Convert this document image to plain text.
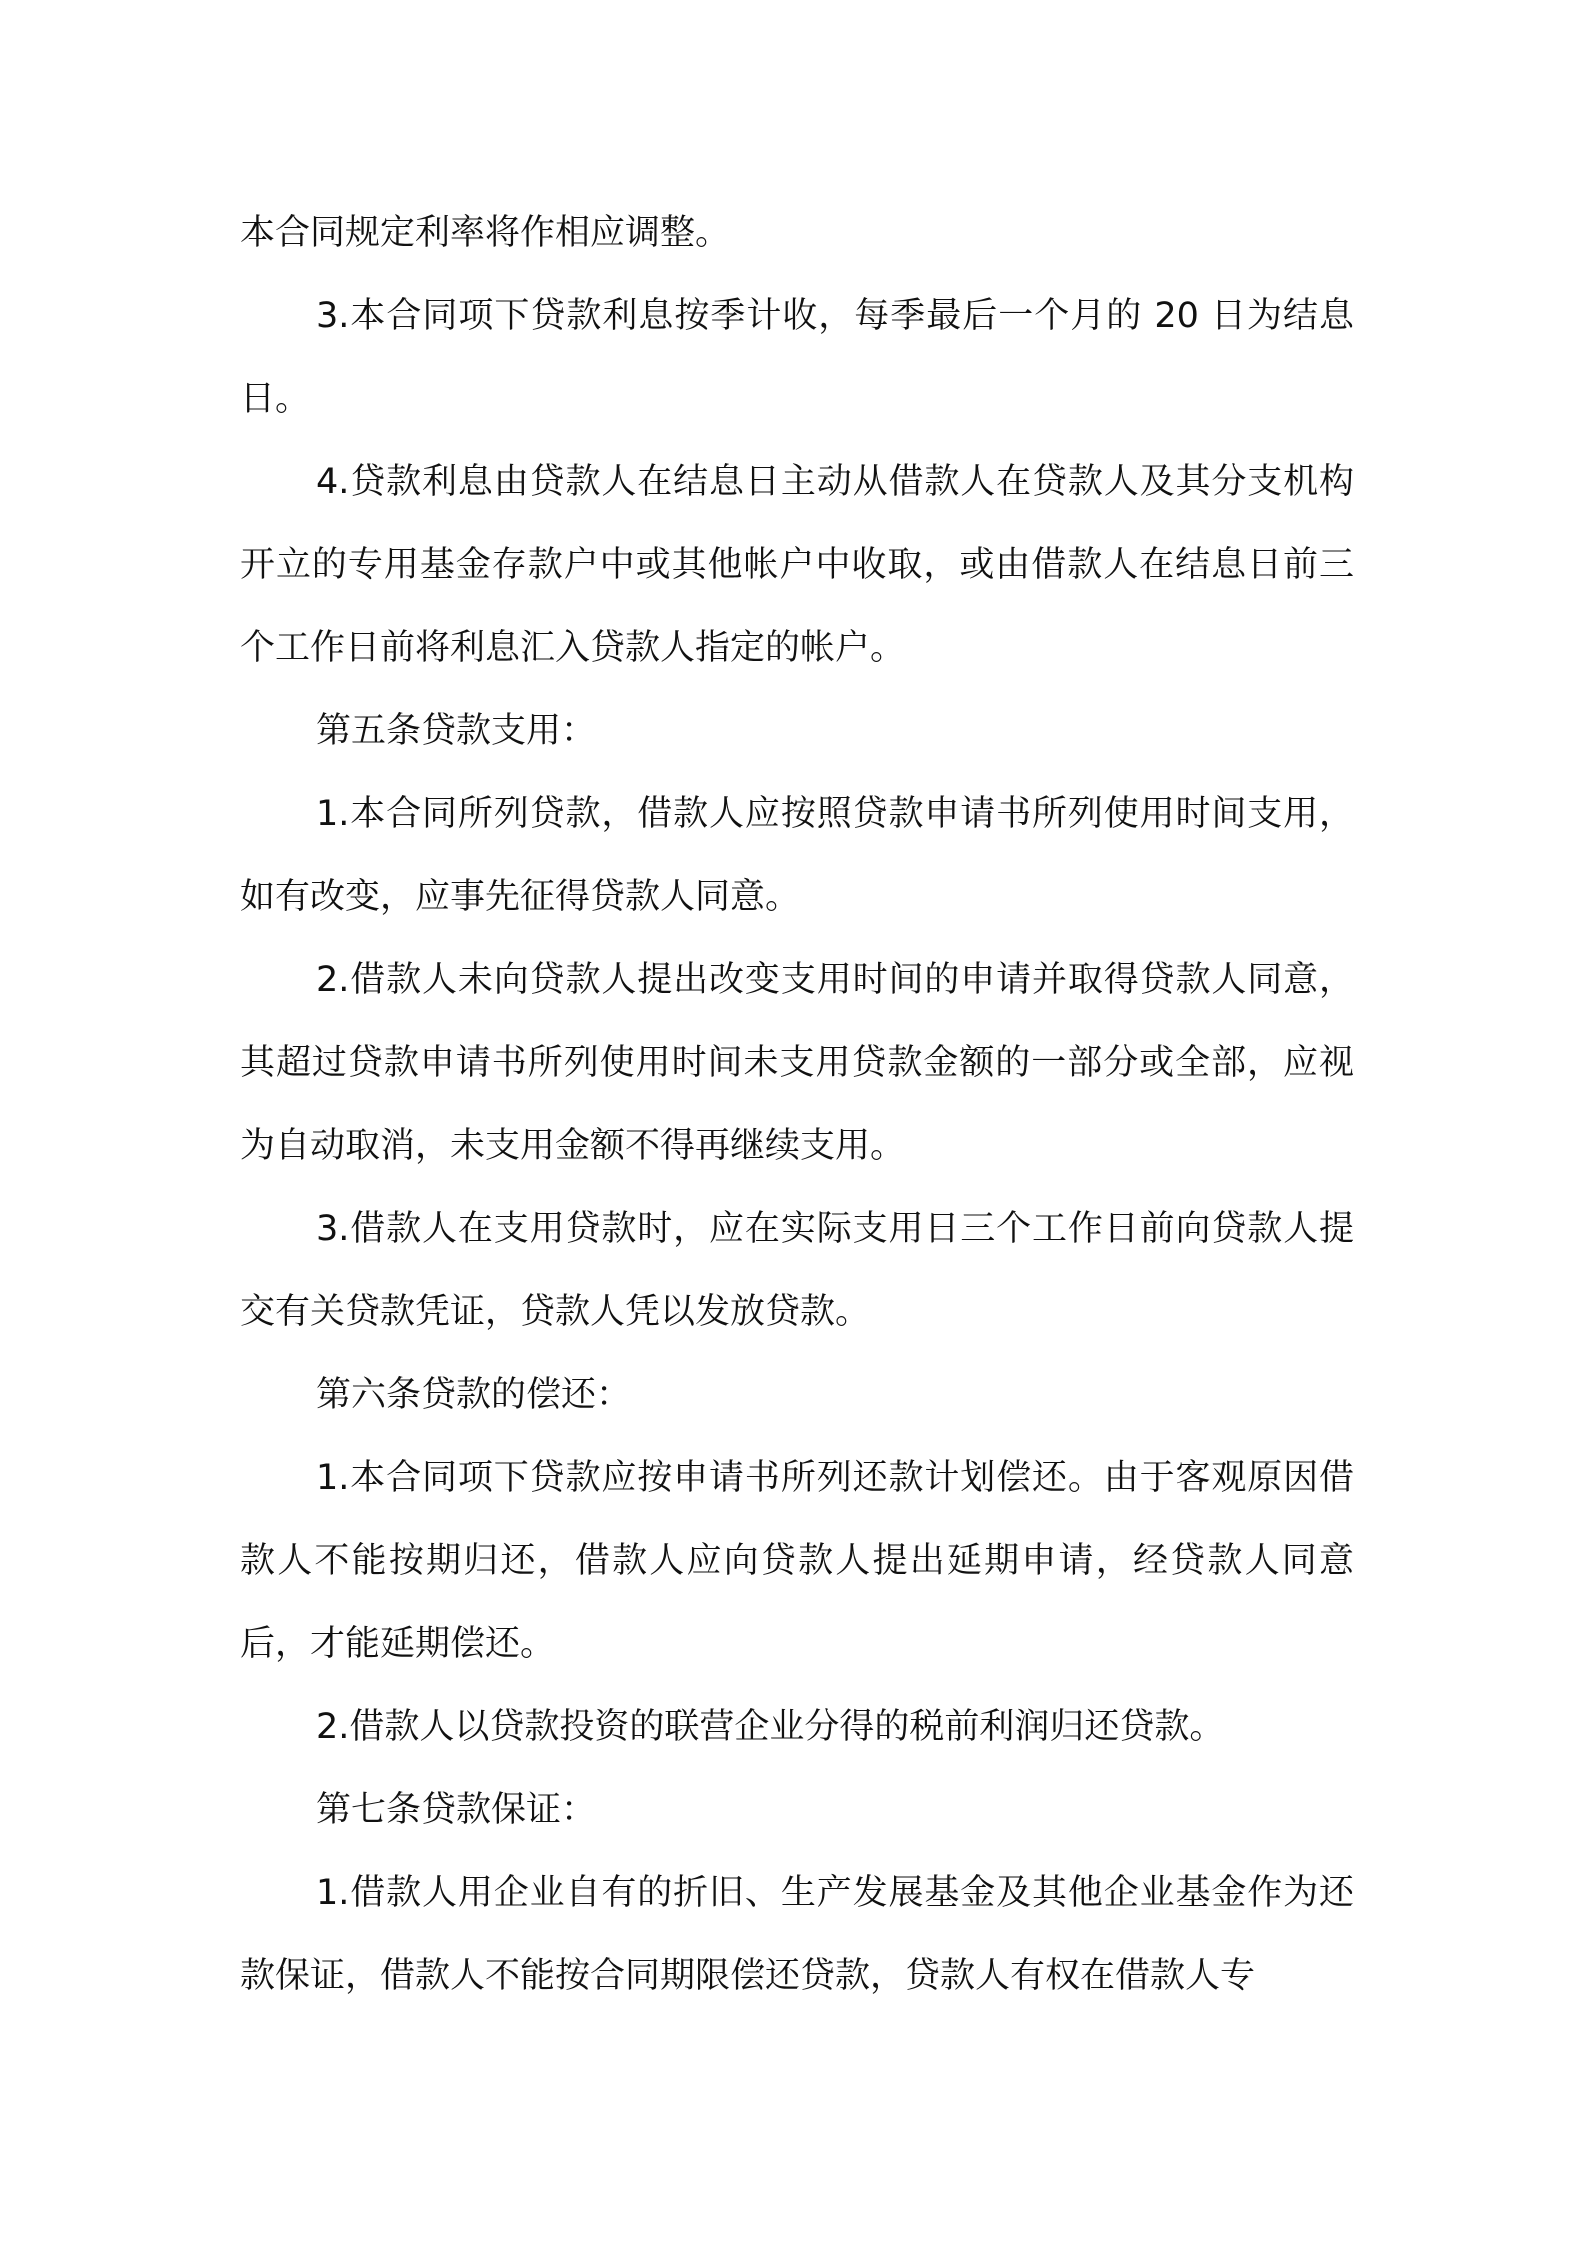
本合同规定利率将作相应调整。

3.本合同项下贷款利息按季计收，每季最后一个月的 20 日为结息日。

4.贷款利息由贷款人在结息日主动从借款人在贷款人及其分支机构开立的专用基金存款户中或其他帐户中收取，或由借款人在结息日前三个工作日前将利息汇入贷款人指定的帐户。

第五条贷款支用：

1.本合同所列贷款，借款人应按照贷款申请书所列使用时间支用，如有改变，应事先征得贷款人同意。

2.借款人未向贷款人提出改变支用时间的申请并取得贷款人同意，其超过贷款申请书所列使用时间未支用贷款金额的一部分或全部，应视为自动取消，未支用金额不得再继续支用。

3.借款人在支用贷款时，应在实际支用日三个工作日前向贷款人提交有关贷款凭证，贷款人凭以发放贷款。

第六条贷款的偿还：

1.本合同项下贷款应按申请书所列还款计划偿还。由于客观原因借款人不能按期归还，借款人应向贷款人提出延期申请，经贷款人同意后，才能延期偿还。

2.借款人以贷款投资的联营企业分得的税前利润归还贷款。

第七条贷款保证：

1.借款人用企业自有的折旧、生产发展基金及其他企业基金作为还款保证，借款人不能按合同期限偿还贷款，贷款人有权在借款人专
